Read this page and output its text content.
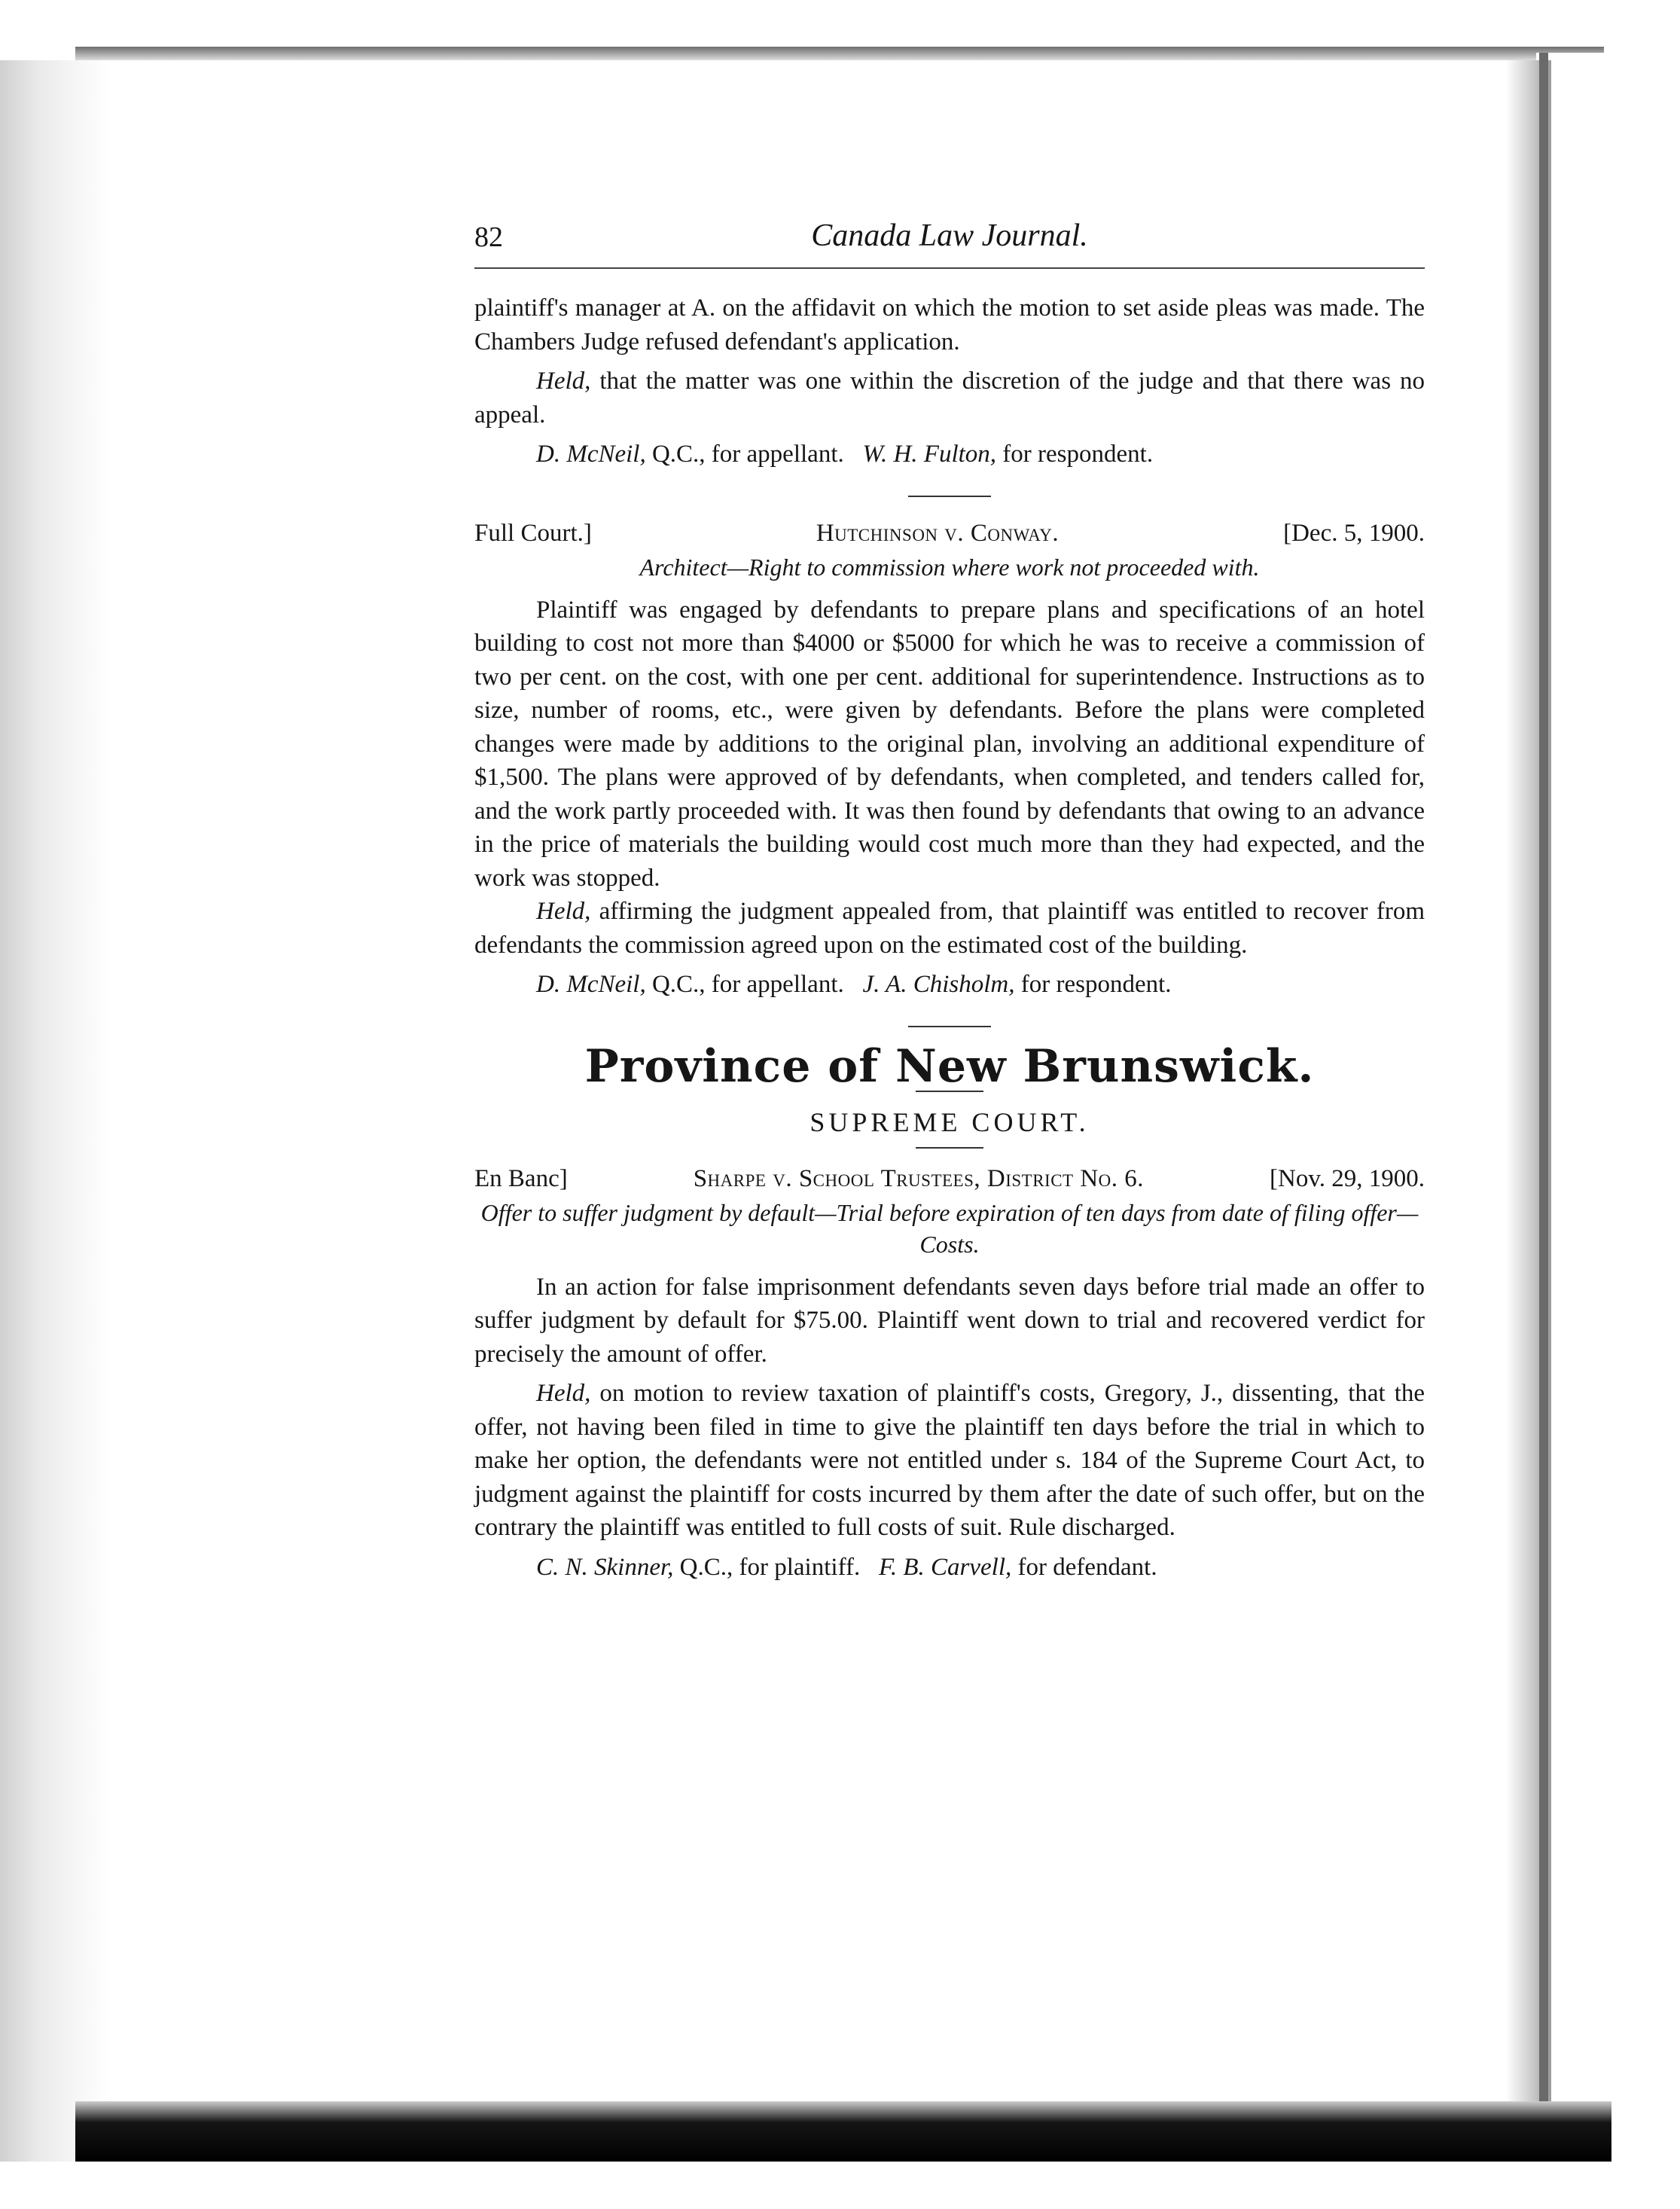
82	Canada Law Journal.

plaintiff's manager at A. on the affidavit on which the motion to set aside pleas was made. The Chambers Judge refused defendant's application.

Held, that the matter was one within the discretion of the judge and that there was no appeal.

D. McNeil, Q.C., for appellant. W. H. Fulton, for respondent.

Full Court.]	Hutchinson v. Conway.	[Dec. 5, 1900.
Architect—Right to commission where work not proceeded with.

Plaintiff was engaged by defendants to prepare plans and specifications of an hotel building to cost not more than $4000 or $5000 for which he was to receive a commission of two per cent. on the cost, with one per cent. additional for superintendence. Instructions as to size, number of rooms, etc., were given by defendants. Before the plans were completed changes were made by additions to the original plan, involving an additional expenditure of $1,500. The plans were approved of by defendants, when completed, and tenders called for, and the work partly proceeded with. It was then found by defendants that owing to an advance in the price of materials the building would cost much more than they had expected, and the work was stopped.

Held, affirming the judgment appealed from, that plaintiff was entitled to recover from defendants the commission agreed upon on the estimated cost of the building.

D. McNeil, Q.C., for appellant. J. A. Chisholm, for respondent.

Province of New Brunswick.
SUPREME COURT.
En Banc]	Sharpe v. School Trustees, District No. 6.	[Nov. 29, 1900.
Offer to suffer judgment by default—Trial before expiration of ten days from date of filing offer—Costs.

In an action for false imprisonment defendants seven days before trial made an offer to suffer judgment by default for $75.00. Plaintiff went down to trial and recovered verdict for precisely the amount of offer.

Held, on motion to review taxation of plaintiff's costs, Gregory, J., dissenting, that the offer, not having been filed in time to give the plaintiff ten days before the trial in which to make her option, the defendants were not entitled under s. 184 of the Supreme Court Act, to judgment against the plaintiff for costs incurred by them after the date of such offer, but on the contrary the plaintiff was entitled to full costs of suit. Rule discharged.

C. N. Skinner, Q.C., for plaintiff. F. B. Carvell, for defendant.
